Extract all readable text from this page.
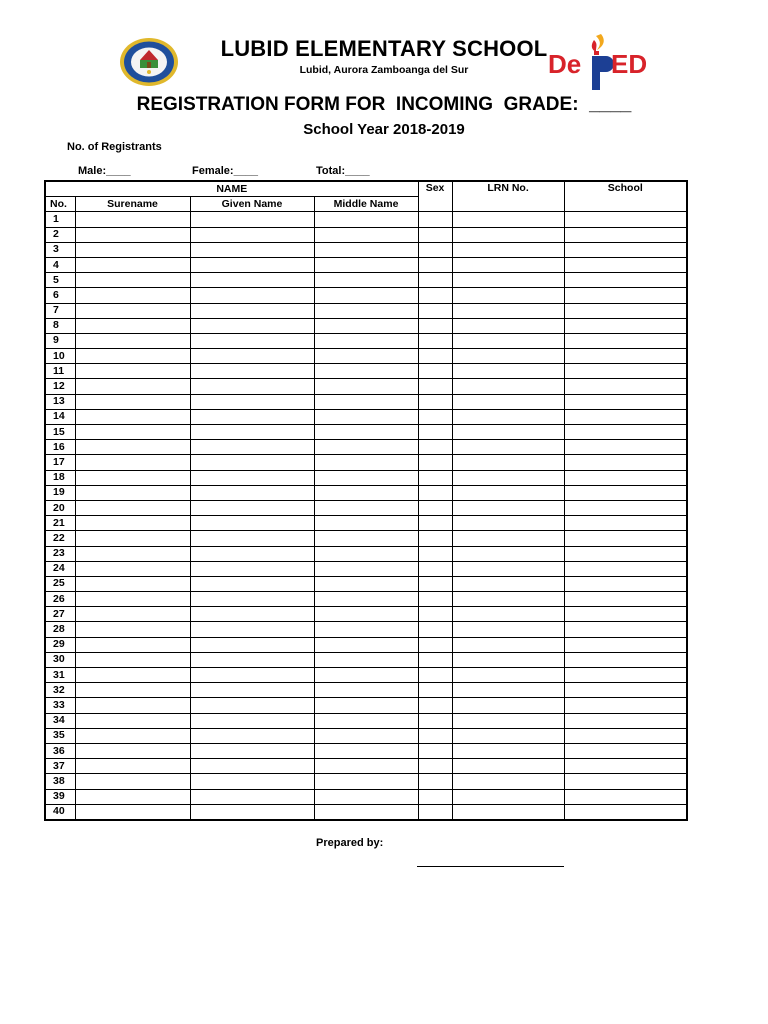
De ED
LUBID ELEMENTARY SCHOOL
Lubid, Aurora Zamboanga del Sur
REGISTRATION FORM FOR  INCOMING  GRADE:  ____
School Year 2018-2019
No. of Registrants
Male:____	Female:____	Total:____
NAME				Sex	LRN No.	School
No.	Surename	Given Name	Middle Name			
1						
2						
3						
4						
5						
6						
7						
8						
9						
10						
11						
12						
13						
14						
15						
16						
17						
18						
19						
20						
21						
22						
23						
24						
25						
26						
27						
28						
29						
30						
31						
32						
33						
34						
35						
36						
37						
38						
39						
40						
Prepared by:
